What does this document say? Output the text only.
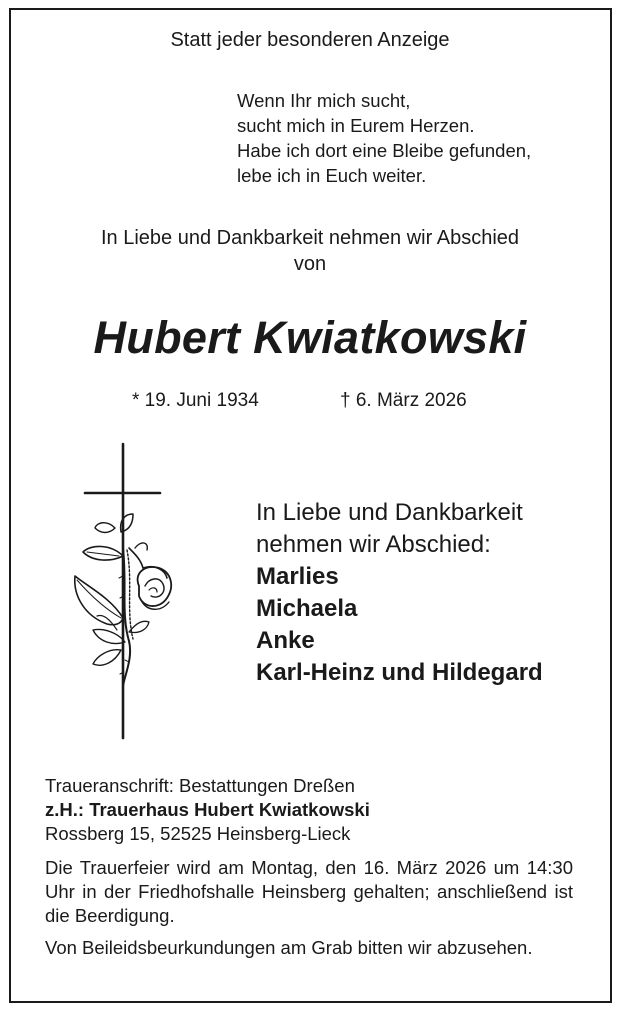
Statt jeder besonderen Anzeige
Wenn Ihr mich sucht,
sucht mich in Eurem Herzen.
Habe ich dort eine Bleibe gefunden,
lebe ich in Euch weiter.
In Liebe und Dankbarkeit nehmen wir Abschied
von
Hubert Kwiatkowski
* 19. Juni 1934	† 6. März 2026
In Liebe und Dankbarkeit
nehmen wir Abschied:
Marlies
Michaela
Anke
Karl-Heinz und Hildegard
Traueranschrift: Bestattungen Dreßen
z.H.: Trauerhaus Hubert Kwiatkowski
Rossberg 15, 52525 Heinsberg-Lieck
Die Trauerfeier wird am Montag, den 16. März 2026 um 14:30 Uhr in der Friedhofshalle Heinsberg gehalten; anschließend ist die Beerdigung.
Von Beileidsbeurkundungen am Grab bitten wir abzusehen.
